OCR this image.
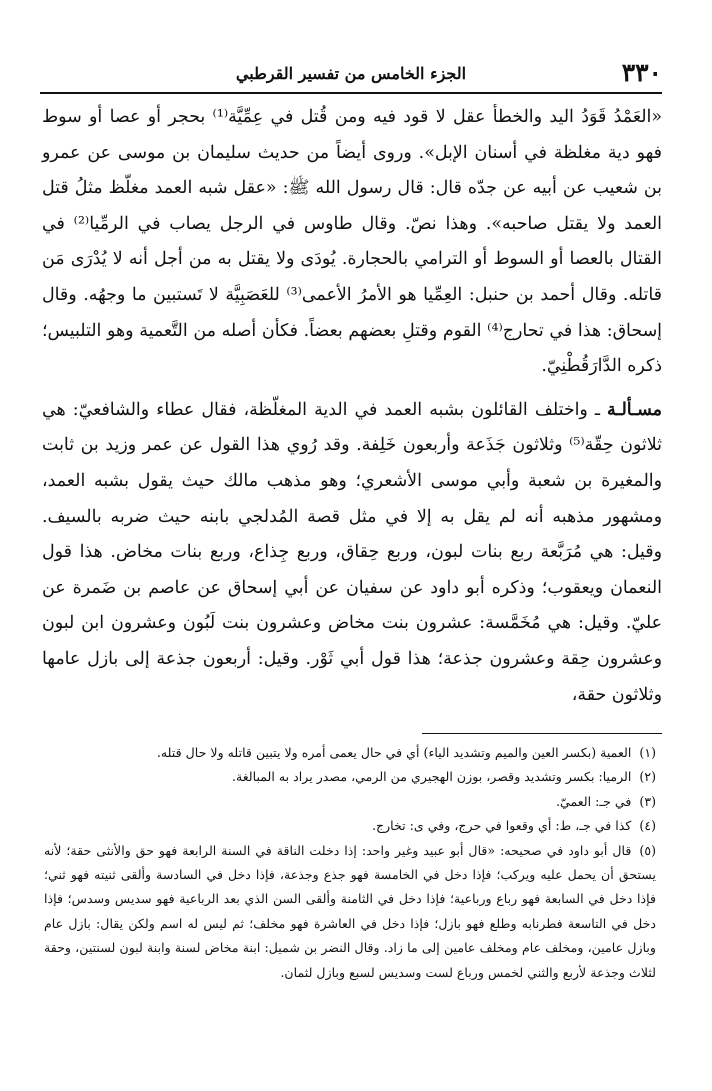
٣٣٠
الجزء الخامس من تفسير القرطبي

«العَمْدُ قَوَدُ اليد والخطأ عقل لا قود فيه ومن قُتل في عِمِّيَّة⁽¹⁾ بحجر أو عصا أو سوط فهو دية مغلظة في أسنان الإبل». وروى أيضاً من حديث سليمان بن موسى عن عمرو بن شعيب عن أبيه عن جدّه قال: قال رسول الله ﷺ: «عقل شبه العمد مغلّظ مثلُ قتل العمد ولا يقتل صاحبه». وهذا نصّ. وقال طاوس في الرجل يصاب في الرمِّيا⁽²⁾ في القتال بالعصا أو السوط أو الترامي بالحجارة. يُودَى ولا يقتل به من أجل أنه لا يُدْرَى مَن قاتله. وقال أحمد بن حنبل: العِمِّيا هو الأمرُ الأعمى⁽³⁾ للعَصَبِيَّة لا تَستبين ما وجهُه. وقال إسحاق: هذا في تحارج⁽⁴⁾ القوم وقتلِ بعضهم بعضاً. فكأن أصله من التَّعمية وهو التلبيس؛ ذكره الدَّارَقُطْنِيّ.

مسـألـة ـ واختلف القائلون بشبه العمد في الدية المغلّظة، فقال عطاء والشافعيّ: هي ثلاثون حِقّة⁽⁵⁾ وثلاثون جَذَعة وأربعون خَلِفة. وقد رُوي هذا القول عن عمر وزيد بن ثابت والمغيرة بن شعبة وأبي موسى الأشعري؛ وهو مذهب مالك حيث يقول بشبه العمد، ومشهور مذهبه أنه لم يقل به إلا في مثل قصة المُدلجي بابنه حيث ضربه بالسيف. وقيل: هي مُرَبَّعة ربع بنات لبون، وربع حِقاق، وربع جِذاع، وربع بنات مخاض. هذا قول النعمان ويعقوب؛ وذكره أبو داود عن سفيان عن أبي إسحاق عن عاصم بن ضَمرة عن عليّ. وقيل: هي مُخَمَّسة: عشرون بنت مخاض وعشرون بنت لَبُون وعشرون ابن لبون وعشرون حِقة وعشرون جذعة؛ هذا قول أبي ثَوْر. وقيل: أربعون جذعة إلى بازل عامها وثلاثون حقة،

(١)العمية (بكسر العين والميم وتشديد الياء) أي في حال يعمى أمره ولا يتبين قاتله ولا حال قتله.
(٢)الرميا: بكسر وتشديد وقصر، بوزن الهجيري من الرمي، مصدر يراد به المبالغة.
(٣)في جـ: العميّ.
(٤)كذا في جـ، ط: أي وقعوا في حرج، وفي ى: تخارج.
(٥)قال أبو داود في صحيحه: «قال أبو عبيد وغير واحد: إذا دخلت الناقة في السنة الرابعة فهو حق والأنثى حقة؛ لأنه يستحق أن يحمل عليه ويركب؛ فإذا دخل في الخامسة فهو جذع وجذعة، فإذا دخل في السادسة وألقى ثنيته فهو ثني؛ فإذا دخل في السابعة فهو رباع ورباعية؛ فإذا دخل في الثامنة وألقى السن الذي بعد الرباعية فهو سديس وسدس؛ فإذا دخل في التاسعة فطرنابه وطلع فهو بازل؛ فإذا دخل في العاشرة فهو مخلف؛ ثم ليس له اسم ولكن يقال: بازل عام وبازل عامين، ومخلف عام ومخلف عامين إلى ما زاد. وقال النضر بن شميل: ابنة مخاض لسنة وابنة لبون لسنتين، وحقة لثلاث وجذعة لأربع والثني لخمس ورباع لست وسديس لسبع وبازل لثمان.
